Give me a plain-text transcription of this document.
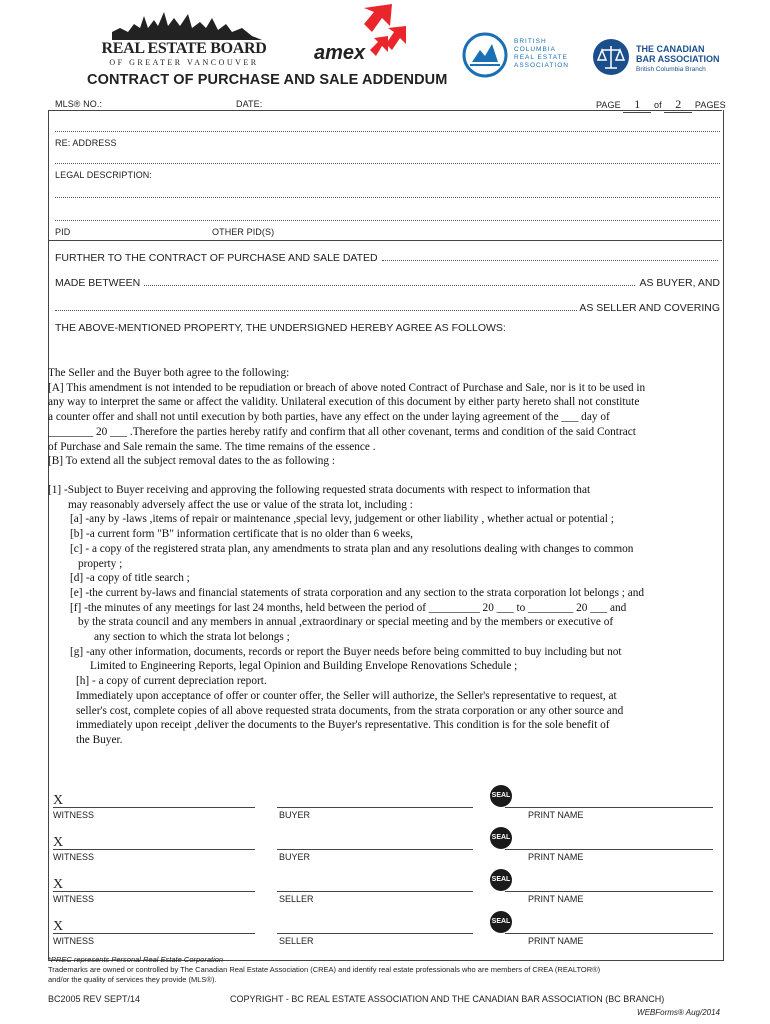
REAL ESTATE BOARD
OF GREATER VANCOUVER	amex
BRITISH COLUMBIA
REAL ESTATE
ASSOCIATION
THE CANADIAN
BAR ASSOCIATION
British Columbia Branch
CONTRACT OF PURCHASE AND SALE ADDENDUM
MLS® NO.:	DATE:	PAGE 1 of 2 PAGES
RE: ADDRESS
LEGAL DESCRIPTION:
PID	OTHER PID(S)
FURTHER TO THE CONTRACT OF PURCHASE AND SALE DATED
MADE BETWEEN	AS BUYER, AND
AS SELLER AND COVERING
THE ABOVE-MENTIONED PROPERTY, THE UNDERSIGNED HEREBY AGREE AS FOLLOWS:

The Seller and the Buyer both agree to the following:

[A] This amendment is not intended to be repudiation or breach of above noted Contract of Purchase and Sale, nor is it to be used in

any way to interpret the same or affect the validity. Unilateral execution of this document by either party hereto shall not constitute

a counter offer and shall not until execution by both parties, have any effect on the under laying agreement of the ___ day of

________ 20 ___ .Therefore the parties hereby ratify and confirm that all other covenant, terms and condition of the said Contract

of Purchase and Sale remain the same. The time remains of the essence .

[B] To extend all the subject removal dates to the as following :

[1] -Subject to Buyer receiving and approving the following requested strata documents with respect to information that

may reasonably adversely affect the use or value of the strata lot, including :

[a] -any by -laws ,items of repair or maintenance ,special levy, judgement or other liability , whether actual or potential ;

[b] -a current form "B" information certificate that is no older than 6 weeks,

[c] - a copy of the registered strata plan, any amendments to strata plan and any resolutions dealing with changes to common

property ;

[d] -a copy of title search ;

[e] -the current by-laws and financial statements of strata corporation and any section to the strata corporation lot belongs ; and

[f] -the minutes of any meetings for last 24 months, held between the period of _________ 20 ___ to ________ 20 ___ and

by the strata council and any members in annual ,extraordinary or special meeting and by the members or executive of

any section to which the strata lot belongs ;

[g] -any other information, documents, records or report the Buyer needs before being committed to buy including but not

Limited to Engineering Reports, legal Opinion and Building Envelope Renovations Schedule ;

[h] - a copy of current depreciation report.

Immediately upon acceptance of offer or counter offer, the Seller will authorize, the Seller's representative to request, at

seller's cost, complete copies of all above requested strata documents, from the strata corporation or any other source and

immediately upon receipt ,deliver the documents to the Buyer's representative. This condition is for the sole benefit of

the Buyer.

X	SEAL
WITNESS	BUYER	PRINT NAME
X	SEAL
WITNESS	BUYER	PRINT NAME
X	SEAL
WITNESS	SELLER	PRINT NAME
X	SEAL
WITNESS	SELLER	PRINT NAME
*PREC represents Personal Real Estate Corporation
Trademarks are owned or controlled by The Canadian Real Estate Association (CREA) and identify real estate professionals who are members of CREA (REALTOR®)
and/or the quality of services they provide (MLS®).
BC2005 REV SEPT/14	COPYRIGHT - BC REAL ESTATE ASSOCIATION AND THE CANADIAN BAR ASSOCIATION (BC BRANCH)
WEBForms® Aug/2014
